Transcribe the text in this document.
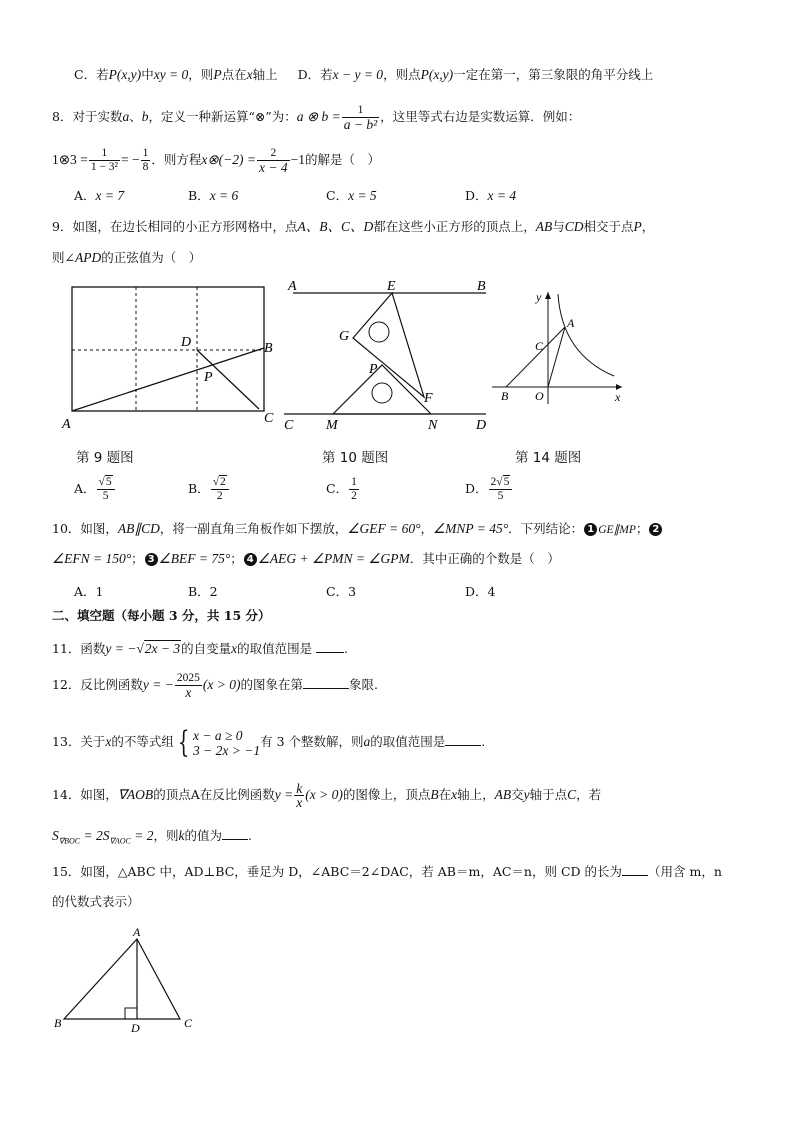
C．若P(x,y)中xy = 0，则P点在x轴上 D．若x − y = 0，则点P(x,y)一定在第一，第三象限的角平分线上
8．对于实数a、b，定义一种新运算“⊗”为：a ⊗ $b = \frac{1}{\text{a − b²}}$ ，这里等式右边是实数运算．例如：
1⊗3 = $\frac{1}{\text{1 − 3²}}$ = − $\frac{1}{8}$ ．则方程x⊗(−2) = $\frac{2}{x - 4} -1$的解是（　）
A．x = 7	B．x = 6	C．x = 5	D．x = 4
9．如图，在边长相同的小正方形网格中，点A、B、C、D都在这些小正方形的顶点上，AB与CD相交于点P，
则∠APD的正弦值为（　）
D	B
P
A	C
A	E	B
G
P
F
C M	N	D
y
A
C
B O	x
第 9 题图	第 10 题图	第 14 题图
A． $\frac{√5}{5}$	B． $\frac{√2}{2}$	C． $\frac{1}{2}$	D． $\frac{2√5}{5}$
10．如图，AB∥CD，将一副直角三角板作如下摆放，∠GEF = 60°，∠MNP = 45°．下列结论： 1 GE∥MP； 2
∠EFN = 150°； 3 ∠BEF = 75°； 4 ∠AEG + ∠PMN = ∠GPM．其中正确的个数是（　）
A．1	B．2	C．3	D．4
二、填空题（每小题 3 分，共 15 分）
11．函数y = −√2x − 3的自变量x的取值范围是	.
12．反比例函数y = − $\frac{2025}{x} (x > 0)$的图象在第	象限.
13．关于x的不等式组 { x − a ≥ 0
3 − 2x > −1
有 3 个整数解，则a的取值范围是	.
14．如图，∇AOB的顶点A在反比例函数$y = \frac{k}{x} (x > 0)$的图像上，顶点B在x轴上，AB交y轴于点C，若
$S_{\nabla BOC} = 2S_{\nabla AOC} = 2$，则k的值为 .
15．如图，△ABC 中，AD⊥BC，垂足为 D，∠ABC＝2∠DAC，若 AB＝m，AC＝n，则 CD 的长为 （用含 m，n
的代数式表示）
A
B	D	C
